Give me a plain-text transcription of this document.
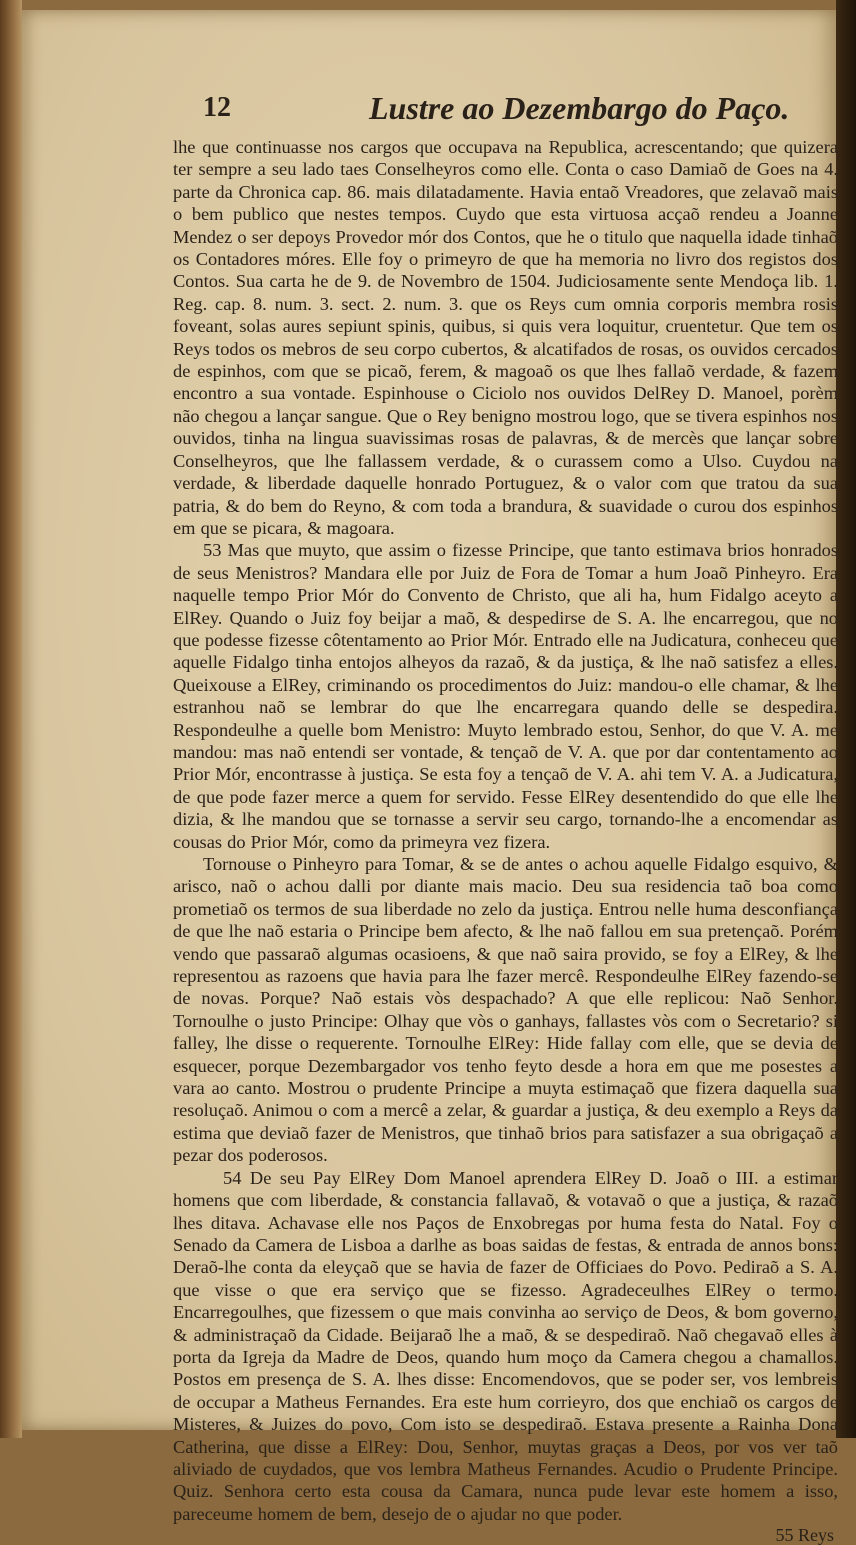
12	Lustre ao Dezembargo do Paço.

lhe que continuasse nos cargos que occupava na Republica, acrescentando; que quizera ter sempre a seu lado taes Conselheyros como elle. Conta o caso Damiaõ de Goes na 4. parte da Chronica cap. 86. mais dilatadamente. Havia entaõ Vreadores, que zelavaõ mais o bem publico que nestes tempos. Cuydo que esta virtuosa acçaõ rendeu a Joanne Mendez o ser depoys Provedor mór dos Contos, que he o titulo que naquella idade tinhaõ os Contadores móres. Elle foy o primeyro de que ha memoria no livro dos registos dos Contos. Sua carta he de 9. de Novembro de 1504. Judiciosamente sente Mendoça lib. 1. Reg. cap. 8. num. 3. sect. 2. num. 3. que os Reys cum omnia corporis membra rosis foveant, solas aures sepiunt spinis, quibus, si quis vera loquitur, cruentetur. Que tem os Reys todos os mebros de seu corpo cubertos, & alcatifados de rosas, os ouvidos cercados de espinhos, com que se picaõ, ferem, & magoaõ os que lhes fallaõ verdade, & fazem encontro a sua vontade. Espinhouse o Ciciolo nos ouvidos DelRey D. Manoel, porèm não chegou a lançar sangue. Que o Rey benigno mostrou logo, que se tivera espinhos nos ouvidos, tinha na lingua suavissimas rosas de palavras, & de mercès que lançar sobre Conselheyros, que lhe fallassem verdade, & o curassem como a Ulso. Cuydou na verdade, & liberdade daquelle honrado Portuguez, & o valor com que tratou da sua patria, & do bem do Reyno, & com toda a brandura, & suavidade o curou dos espinhos em que se picara, & magoara.

53 Mas que muyto, que assim o fizesse Principe, que tanto estimava brios honrados de seus Menistros? Mandara elle por Juiz de Fora de Tomar a hum Joaõ Pinheyro. Era naquelle tempo Prior Mór do Convento de Christo, que ali ha, hum Fidalgo aceyto a ElRey. Quando o Juiz foy beijar a maõ, & despedirse de S. A. lhe encarregou, que no que podesse fizesse côtentamento ao Prior Mór. Entrado elle na Judicatura, conheceu que aquelle Fidalgo tinha entojos alheyos da razaõ, & da justiça, & lhe naõ satisfez a elles. Queixouse a ElRey, criminando os procedimentos do Juiz: mandou-o elle chamar, & lhe estranhou naõ se lembrar do que lhe encarregara quando delle se despedira. Respondeulhe a quelle bom Menistro: Muyto lembrado estou, Senhor, do que V. A. me mandou: mas naõ entendi ser vontade, & tençaõ de V. A. que por dar contentamento ao Prior Mór, encontrasse à justiça. Se esta foy a tençaõ de V. A. ahi tem V. A. a Judicatura, de que pode fazer merce a quem for servido. Fesse ElRey desentendido do que elle lhe dizia, & lhe mandou que se tornasse a servir seu cargo, tornando-lhe a encomendar as cousas do Prior Mór, como da primeyra vez fizera.

Tornouse o Pinheyro para Tomar, & se de antes o achou aquelle Fidalgo esquivo, & arisco, naõ o achou dalli por diante mais macio. Deu sua residencia taõ boa como prometiaõ os termos de sua liberdade no zelo da justiça. Entrou nelle huma desconfiança de que lhe naõ estaria o Principe bem afecto, & lhe naõ fallou em sua pretençaõ. Porém vendo que passaraõ algumas ocasioens, & que naõ saira provido, se foy a ElRey, & lhe representou as razoens que havia para lhe fazer mercê. Respondeulhe ElRey fazendo-se de novas. Porque? Naõ estais vòs despachado? A que elle replicou: Naõ Senhor. Tornoulhe o justo Principe: Olhay que vòs o ganhays, fallastes vòs com o Secretario? si falley, lhe disse o requerente. Tornoulhe ElRey: Hide fallay com elle, que se devia de esquecer, porque Dezembargador vos tenho feyto desde a hora em que me posestes a vara ao canto. Mostrou o prudente Principe a muyta estimaçaõ que fizera daquella sua resoluçaõ. Animou o com a mercê a zelar, & guardar a justiça, & deu exemplo a Reys da estima que deviaõ fazer de Menistros, que tinhaõ brios para satisfazer a sua obrigaçaõ a pezar dos poderosos.

54 De seu Pay ElRey Dom Manoel aprendera ElRey D. Joaõ o III. a estimar homens que com liberdade, & constancia fallavaõ, & votavaõ o que a justiça, & razaõ lhes ditava. Achavase elle nos Paços de Enxobregas por huma festa do Natal. Foy o Senado da Camera de Lisboa a darlhe as boas saidas de festas, & entrada de annos bons: Deraõ-lhe conta da eleyçaõ que se havia de fazer de Officiaes do Povo. Pediraõ a S. A. que visse o que era serviço que se fizesso. Agradeceulhes ElRey o termo. Encarregoulhes, que fizessem o que mais convinha ao serviço de Deos, & bom governo, & administraçaõ da Cidade. Beijaraõ lhe a maõ, & se despediraõ. Naõ chegavaõ elles à porta da Igreja da Madre de Deos, quando hum moço da Camera chegou a chamallos. Postos em presença de S. A. lhes disse: Encomendovos, que se poder ser, vos lembreis de occupar a Matheus Fernandes. Era este hum corrieyro, dos que enchiaõ os cargos de Misteres, & Juizes do povo, Com isto se despediraõ. Estava presente a Rainha Dona Catherina, que disse a ElRey: Dou, Senhor, muytas graças a Deos, por vos ver taõ aliviado de cuydados, que vos lembra Matheus Fernandes. Acudio o Prudente Principe. Quiz. Senhora certo esta cousa da Camara, nunca pude levar este homem a isso, pareceume homem de bem, desejo de o ajudar no que poder.

55 Reys
